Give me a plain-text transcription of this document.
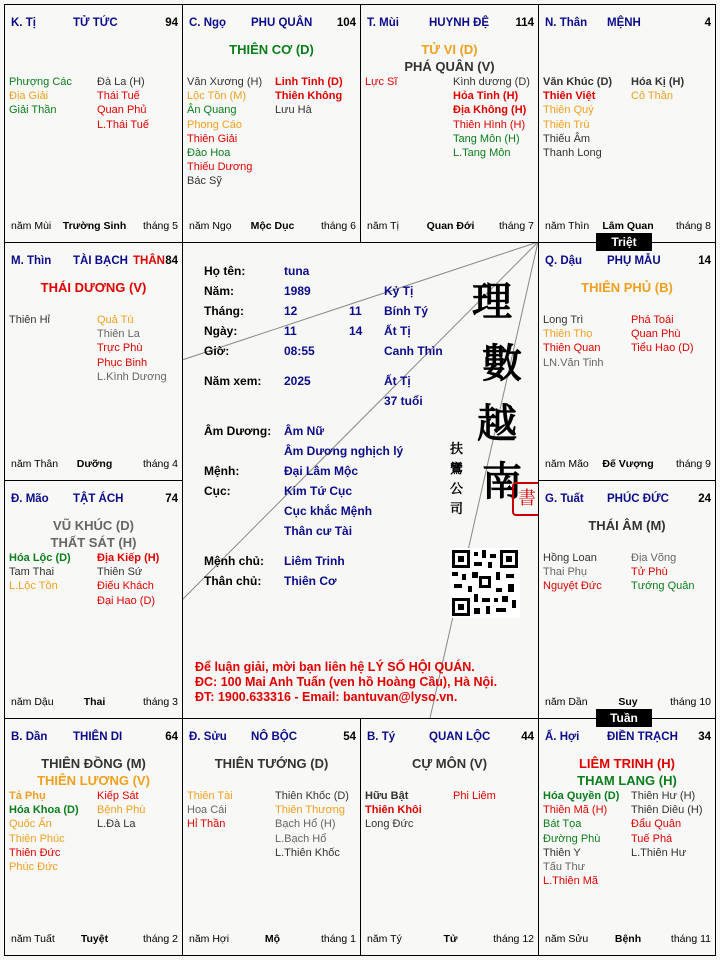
Họ tên:	tuna
Năm:	1989	Kỷ Tị
Tháng:	12	11 Bính Tý
Ngày:	11	14 Ất Tị
Giờ:	08:55	Canh Thìn
Năm xem: 2025	Ất Tị
37 tuổi
Âm Dương: Âm Nữ
Âm Dương nghịch lý
Mệnh:	Đại Lâm Mộc
Cục:	Kim Tứ Cục
Cục khắc Mệnh
Thân cư Tài
Mệnh chủ: Liêm Trinh
Thân chủ: Thiên Cơ
理
數
越
南
扶鸞公司
書
Để luận giải, mời bạn liên hệ LÝ SỐ HỘI QUÁN.
ĐC: 100 Mai Anh Tuấn (ven hồ Hoàng Cầu), Hà Nội.
ĐT: 1900.633316 - Email: bantuvan@lyso.vn.
K. Tị	TỬ TỨC	94
Phượng Các
Địa Giải
Giải Thần
Đà La (H)
Thái Tuế
Quan Phủ
L.Thái Tuế
năm Mùi	Trường Sinh	tháng 5
C. Ngọ PHU QUÂN 104
THIÊN CƠ (D)
Văn Xương (H)
Lộc Tồn (M)
Ân Quang
Phong Cáo
Thiên Giải
Đào Hoa
Thiếu Dương
Bác Sỹ
Linh Tinh (D)
Thiên Không
Lưu Hà
năm Ngọ	Mộc Dục	tháng 6
T. Mùi	HUYNH ĐỆ 114
TỬ VI (D)
PHÁ QUÂN (V)
Lực Sĩ	Kình dương (D)
Hỏa Tinh (H)
Địa Không (H)
Thiên Hình (H)
Tang Môn (H)
L.Tang Môn
năm Tị	Quan Đới	tháng 7
N. Thân MỆNH	4
Văn Khúc (D)
Thiên Việt
Thiên Quý
Thiên Trù
Thiếu Âm
Thanh Long
Hóa Kị (H)
Cô Thần
năm Thìn	Lâm Quan	tháng 8
M. Thìn TÀI BẠCH THÂN 84
THÁI DƯƠNG (V)
Thiên Hỉ	Quả Tú
Thiên La
Trực Phù
Phục Binh
L.Kình Dương
năm Thân	Dưỡng	tháng 4
Q. Dậu PHỤ MẪU	14
THIÊN PHỦ (B)
Long Trì
Thiên Thọ
Thiên Quan
LN.Văn Tinh
Phá Toái
Quan Phù
Tiểu Hao (D)
năm Mão	Đế Vượng	tháng 9
Đ. Mão TẬT ÁCH	74
VŨ KHÚC (D)
THẤT SÁT (H)
Hóa Lộc (D)
Tam Thai
L.Lộc Tồn
Địa Kiếp (H)
Thiên Sứ
Điếu Khách
Đại Hao (D)
năm Dậu	Thai	tháng 3
G. Tuất PHÚC ĐỨC	24
THÁI ÂM (M)
Hồng Loan
Thai Phụ
Nguyệt Đức
Địa Võng
Tử Phù
Tướng Quân
năm Dần	Suy	tháng 10
B. Dần THIÊN DI	64
THIÊN ĐỒNG (M)
THIÊN LƯƠNG (V)
Tả Phụ
Hóa Khoa (D)
Quốc Ấn
Thiên Phúc
Thiên Đức
Phúc Đức
Kiếp Sát
Bệnh Phù
L.Đà La
năm Tuất	Tuyệt	tháng 2
Đ. Sửu NÔ BỘC	54
THIÊN TƯỚNG (D)
Thiên Tài
Hoa Cái
Hỉ Thần
Thiên Khốc (D)
Thiên Thương
Bạch Hổ (H)
L.Bạch Hổ
L.Thiên Khốc
năm Hợi	Mộ	tháng 1
B. Tý	QUAN LỘC	44
CỰ MÔN (V)
Hữu Bật
Thiên Khôi
Long Đức
Phi Liêm
năm Tý	Tử	tháng 12
Ấ. Hợi ĐIỀN TRẠCH 34
LIÊM TRINH (H)
THAM LANG (H)
Hóa Quyền (D)
Thiên Mã (H)
Bát Tọa
Đường Phù
Thiên Y
Tấu Thư
L.Thiên Mã
Thiên Hư (H)
Thiên Diêu (H)
Đẩu Quân
Tuế Phá
L.Thiên Hư
năm Sửu	Bệnh	tháng 11
Triệt
Tuần
